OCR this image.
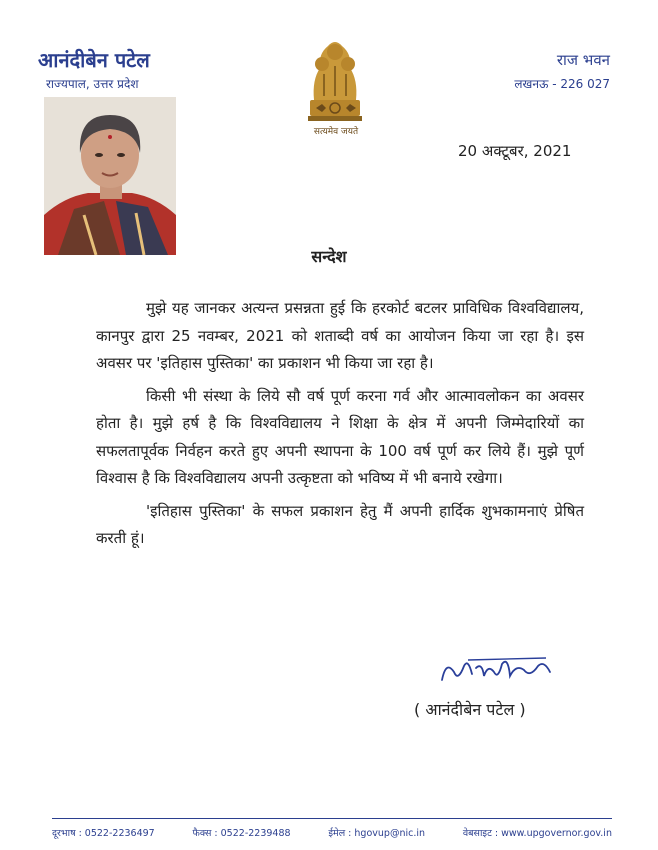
आनंदीबेन पटेल
राज्यपाल, उत्तर प्रदेश
सत्यमेव जयते
राज भवन
लखनऊ - 226 027
20 अक्टूबर, 2021
सन्देश

मुझे यह जानकर अत्यन्त प्रसन्नता हुई कि हरकोर्ट बटलर प्राविधिक विश्वविद्यालय, कानपुर द्वारा 25 नवम्बर, 2021 को शताब्दी वर्ष का आयोजन किया जा रहा है। इस अवसर पर 'इतिहास पुस्तिका' का प्रकाशन भी किया जा रहा है।

किसी भी संस्था के लिये सौ वर्ष पूर्ण करना गर्व और आत्मावलोकन का अवसर होता है। मुझे हर्ष है कि विश्वविद्यालय ने शिक्षा के क्षेत्र में अपनी जिम्मेदारियों का सफलतापूर्वक निर्वहन करते हुए अपनी स्थापना के 100 वर्ष पूर्ण कर लिये हैं। मुझे पूर्ण विश्वास है कि विश्वविद्यालय अपनी उत्कृष्टता को भविष्य में भी बनाये रखेगा।

'इतिहास पुस्तिका' के सफल प्रकाशन हेतु मैं अपनी हार्दिक शुभकामनाएं प्रेषित करती हूं।

( आनंदीबेन पटेल )
दूरभाष : 0522-2236497	फैक्स : 0522-2239488	ईमेल : hgovup@nic.in	वेबसाइट : www.upgovernor.gov.in
